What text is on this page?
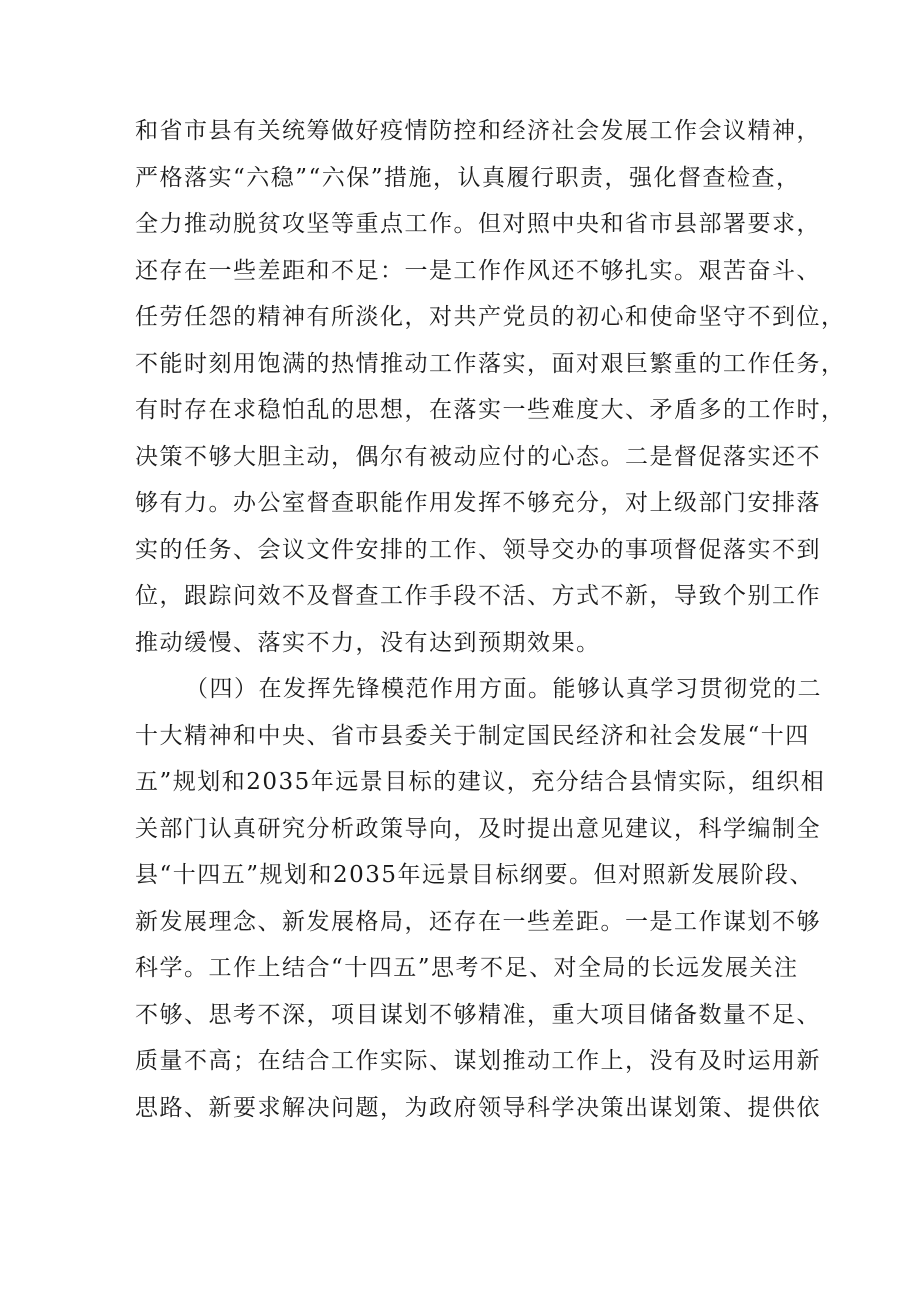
和省市县有关统筹做好疫情防控和经济社会发展工作会议精神，
严格落实“六稳”“六保”措施，认真履行职责，强化督查检查，
全力推动脱贫攻坚等重点工作。但对照中央和省市县部署要求，
还存在一些差距和不足：一是工作作风还不够扎实。艰苦奋斗、
任劳任怨的精神有所淡化，对共产党员的初心和使命坚守不到位，
不能时刻用饱满的热情推动工作落实，面对艰巨繁重的工作任务，
有时存在求稳怕乱的思想，在落实一些难度大、矛盾多的工作时，
决策不够大胆主动，偶尔有被动应付的心态。二是督促落实还不
够有力。办公室督查职能作用发挥不够充分，对上级部门安排落
实的任务、会议文件安排的工作、领导交办的事项督促落实不到
位，跟踪问效不及督查工作手段不活、方式不新，导致个别工作
推动缓慢、落实不力，没有达到预期效果。
（四）在发挥先锋模范作用方面。能够认真学习贯彻党的二
十大精神和中央、省市县委关于制定国民经济和社会发展“十四
五”规划和2035年远景目标的建议，充分结合县情实际，组织相
关部门认真研究分析政策导向，及时提出意见建议，科学编制全
县“十四五”规划和2035年远景目标纲要。但对照新发展阶段、
新发展理念、新发展格局，还存在一些差距。一是工作谋划不够
科学。工作上结合“十四五”思考不足、对全局的长远发展关注
不够、思考不深，项目谋划不够精准，重大项目储备数量不足、
质量不高；在结合工作实际、谋划推动工作上，没有及时运用新
思路、新要求解决问题，为政府领导科学决策出谋划策、提供依
